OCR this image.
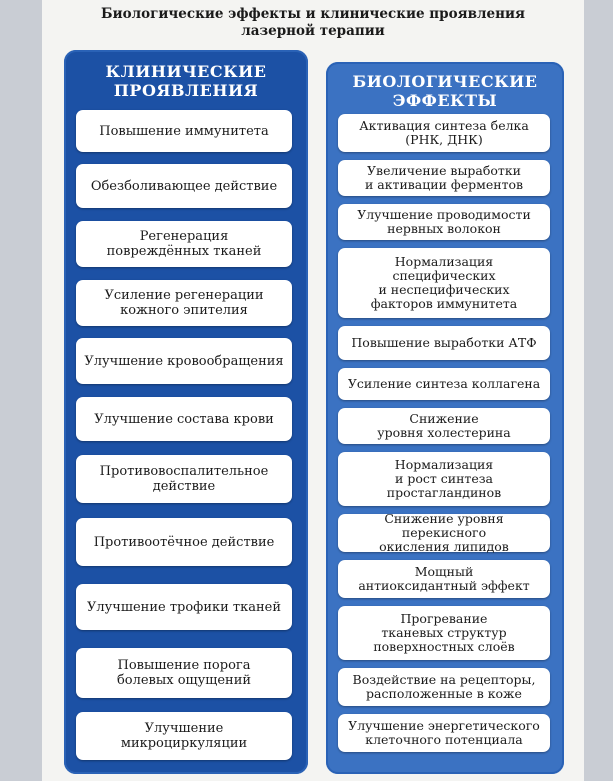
Биологические эффекты и клинические проявления
лазерной терапии
КЛИНИЧЕСКИЕ
ПРОЯВЛЕНИЯ
Повышение иммунитета
Обезболивающее действие
Регенерация
повреждённых тканей
Усиление регенерации
кожного эпителия
Улучшение кровообращения
Улучшение состава крови
Противовоспалительное
действие
Противоотёчное действие
Улучшение трофики тканей
Повышение порога
болевых ощущений
Улучшение
микроциркуляции
БИОЛОГИЧЕСКИЕ
ЭФФЕКТЫ
Активация синтеза белка
(РНК, ДНК)
Увеличение выработки
и активации ферментов
Улучшение проводимости
нервных волокон
Нормализация
специфических
и неспецифических
факторов иммунитета
Повышение выработки АТФ
Усиление синтеза коллагена
Снижение
уровня холестерина
Нормализация
и рост синтеза
простагландинов
Снижение уровня перекисного
окисления липидов
Мощный
антиоксидантный эффект
Прогревание
тканевых структур
поверхностных слоёв
Воздействие на рецепторы,
расположенные в коже
Улучшение энергетического
клеточного потенциала
